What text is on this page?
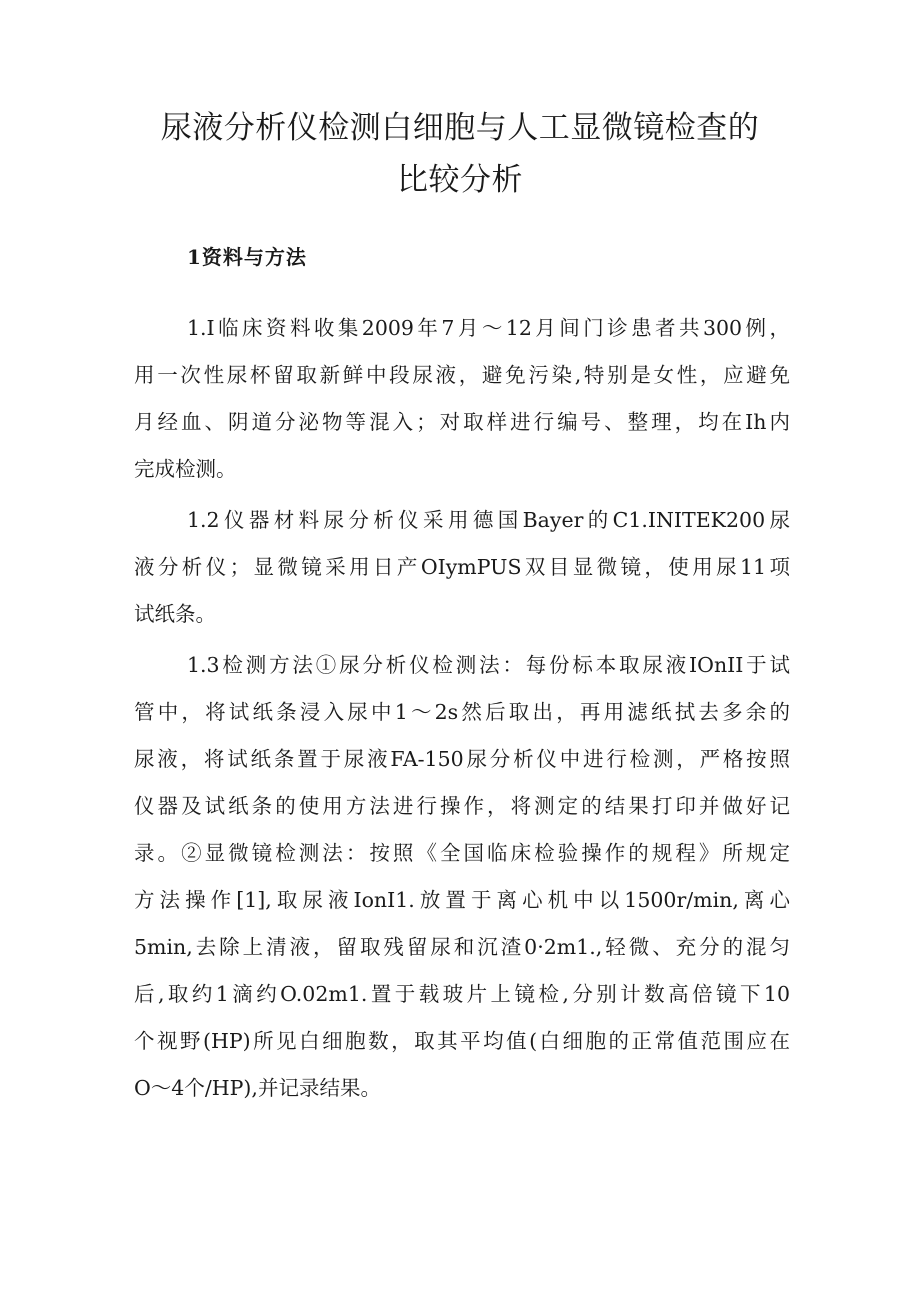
尿液分析仪检测白细胞与人工显微镜检查的
比较分析
1资料与方法
1.I临床资料收集2009年7月～12月间门诊患者共300例，
用一次性尿杯留取新鲜中段尿液，避免污染,特别是女性，应避免
月经血、阴道分泌物等混入；对取样进行编号、整理，均在Ih内
完成检测。
1.2仪器材料尿分析仪采用德国Bayer的C1.INITEK200尿
液分析仪；显微镜采用日产OIymPUS双目显微镜，使用尿11项
试纸条。
1.3检测方法①尿分析仪检测法：每份标本取尿液IOnII于试
管中，将试纸条浸入尿中1～2s然后取出，再用滤纸拭去多余的
尿液，将试纸条置于尿液FA-150尿分析仪中进行检测，严格按照
仪器及试纸条的使用方法进行操作，将测定的结果打印并做好记
录。②显微镜检测法：按照《全国临床检验操作的规程》所规定
方法操作[1],取尿液IonI1.放置于离心机中以1500r∕min,离心
5min,去除上清液，留取残留尿和沉渣0·2m1.,轻微、充分的混匀
后,取约1滴约O.02m1.置于载玻片上镜检,分别计数高倍镜下10
个视野(HP)所见白细胞数，取其平均值(白细胞的正常值范围应在
O～4个/HP),并记录结果。
